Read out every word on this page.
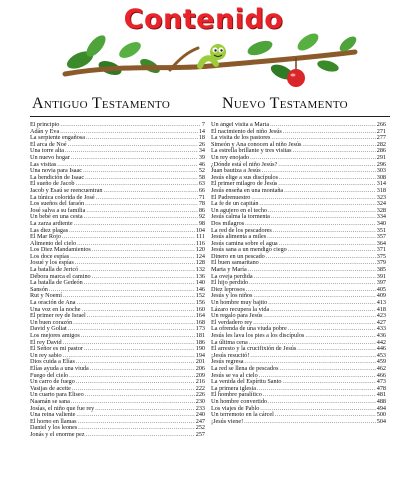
Contenido
Antiguo Testamento	Nuevo Testamento
El principio .....	7
Adán y Eva .....	14
La serpiente engañosa .....	18
El arca de Noé .....	26
Una torre alta .....	34
Un nuevo hogar .....	39
Las visitas .....	46
Una novia para Isaac .....	52
La bendición de Isaac .....	58
El sueño de Jacob .....	63
Jacob y Esaú se reencuentran .....	66
La túnica colorida de José .....	71
Los sueños del faraón .....	78
José salva a su familia .....	86
Un bebé en una cesta .....	92
La zarza ardiente .....	98
Las diez plagas .....	104
El Mar Rojo .....	111
Alimento del cielo .....	116
Los Diez Mandamientos .....	120
Los doce espías .....	124
Josué y los espías .....	128
La batalla de Jericó .....	132
Débora marca el camino .....	136
La batalla de Gedeón .....	140
Sansón .....	146
Rut y Noemí .....	152
La oración de Ana .....	156
Una voz en la noche .....	160
El primer rey de Israel .....	164
Un buen corazón .....	168
David y Goliat .....	173
Los mejores amigos .....	181
El rey David .....	186
El Señor es mi pastor .....	190
Un rey sabio .....	194
Dios cuida a Elías .....	201
Elías ayuda a una viuda .....	206
Fuego del cielo .....	209
Un carro de fuego .....	216
Vasijas de aceite .....	222
Un cuarto para Eliseo .....	226
Naamán se sana .....	230
Josías, el niño que fue rey .....	233
Una reina valiente .....	240
El horno en llamas .....	247
Daniel y los leones .....	252
Jonás y el enorme pez .....	257
Un ángel visita a María .....	266
El nacimiento del niño Jesús .....	271
La visita de los pastores .....	277
Simeón y Ana conocen al niño Jesús .....	282
La estrella brillante y tres visitas .....	286
Un rey enojado .....	291
¿Dónde está el niño Jesús? .....	296
Juan bautiza a Jesús .....	303
Jesús elige a sus discípulos .....	308
El primer milagro de Jesús .....	314
Jesús enseña en una montaña .....	318
El Padrenuestro .....	323
La fe de un capitán .....	324
Un agujero en el techo .....	328
Jesús calma la tormenta .....	334
Dos milagros .....	340
La red de los pescadores .....	351
Jesús alimenta a miles .....	357
Jesús camina sobre el agua .....	364
Jesús sana a un mendigo ciego .....	371
Dinero en un pescado .....	375
El buen samaritano .....	379
Marta y María .....	385
La oveja perdida .....	391
El hijo perdido .....	397
Diez leprosos .....	405
Jesús y los niños .....	409
Un hombre muy bajito .....	413
Lázaro recupera la vida .....	418
Un regalo para Jesús .....	423
El verdadero rey .....	427
La ofrenda de una viuda pobre .....	433
Jesús les lava los pies a los discípulos .....	436
La última cena .....	442
El arresto y la crucifixión de Jesús .....	446
¡Jesús resucitó! .....	453
Jesús regresa .....	459
La red se llena de pescados .....	462
Jesús se va al cielo .....	466
La venida del Espíritu Santo .....	473
La primera iglesia .....	478
El hombre paralítico .....	481
Un hombre convertido .....	488
Los viajes de Pablo .....	494
Un terremoto en la cárcel .....	500
¡Jesús viene! .....	504
